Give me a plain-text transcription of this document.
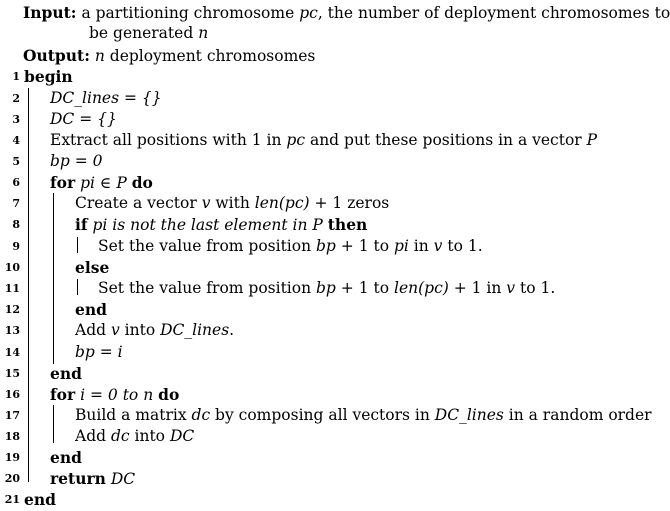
Input: a partitioning chromosome pc, the number of deployment chromosomes to
be generated n
Output: n deployment chromosomes
1 begin
2 DC_lines = {}
3 DC = {}
4 Extract all positions with 1 in pc and put these positions in a vector P
5 bp = 0
6 for pi ∈ P do
7	Create a vector v with len(pc) + 1 zeros
8	if pi is not the last element in P then
9	Set the value from position bp + 1 to pi in v to 1.
10	else
11	Set the value from position bp + 1 to len(pc) + 1 in v to 1.
12	end
13	Add v into DC_lines.
14	bp = i
15 end
16 for i = 0 to n do
17	Build a matrix dc by composing all vectors in DC_lines in a random order
18	Add dc into DC
19 end
20 return DC
21 end
